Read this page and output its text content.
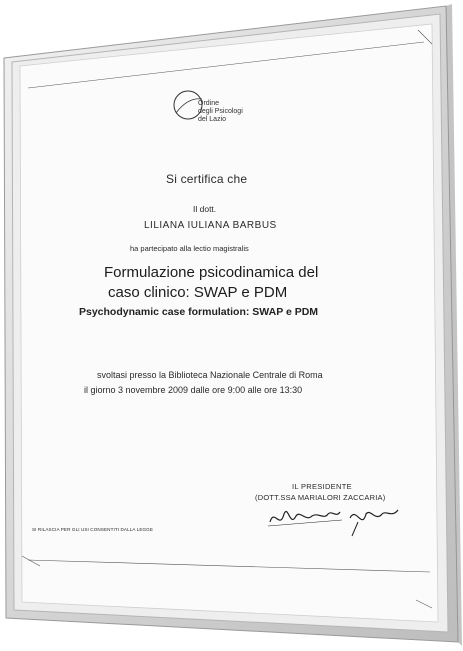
Ordine
degli Psicologi
del Lazio
Si certifica che
Il dott.
LILIANA IULIANA BARBUS
ha partecipato alla lectio magistralis
Formulazione psicodinamica del
caso clinico: SWAP e PDM
Psychodynamic case formulation: SWAP e PDM
svoltasi presso la Biblioteca Nazionale Centrale di Roma
il giorno 3 novembre 2009 dalle ore 9:00 alle ore 13:30
IL PRESIDENTE
(DOTT.SSA MARIALORI ZACCARIA)
SI RILASCIA PER GLI USI CONSENTITI DALLA LEGGE
